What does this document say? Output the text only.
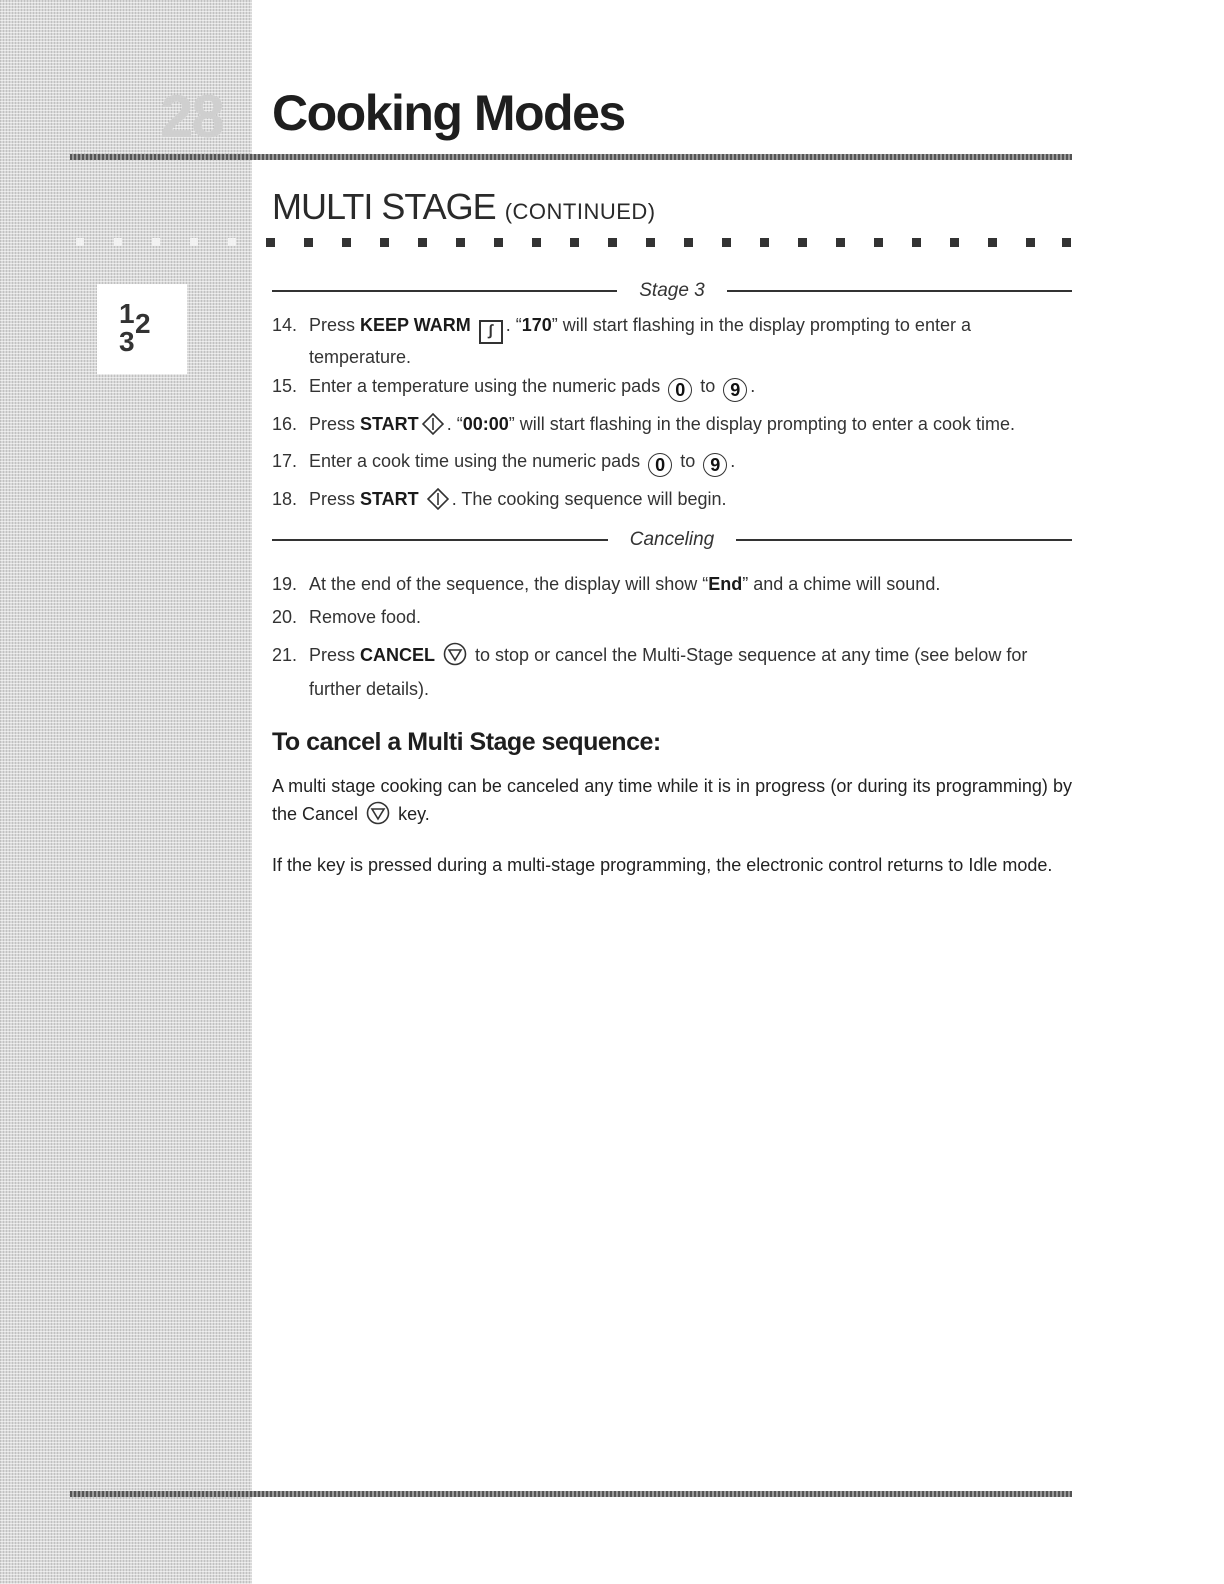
28 Cooking Modes
MULTI STAGE (CONTINUED)
1 2
3
Stage 3
14. Press KEEP WARM ∫ . “170” will start flashing in the display prompting to enter a temperature.
15. Enter a temperature using the numeric pads 0 to 9 .
16. Press START . “00:00” will start flashing in the display prompting to enter a cook time.
17. Enter a cook time using the numeric pads 0 to 9 .
18. Press START . The cooking sequence will begin.
Canceling
19. At the end of the sequence, the display will show “End” and a chime will sound.
20. Remove food.
21. Press CANCEL  to stop or cancel the Multi-Stage sequence at any time (see below for further details).
To cancel a Multi Stage sequence:
A multi stage cooking can be canceled any time while it is in progress (or during its programming) by the Cancel  key.
If the key is pressed during a multi-stage programming, the electronic control returns to Idle mode.
